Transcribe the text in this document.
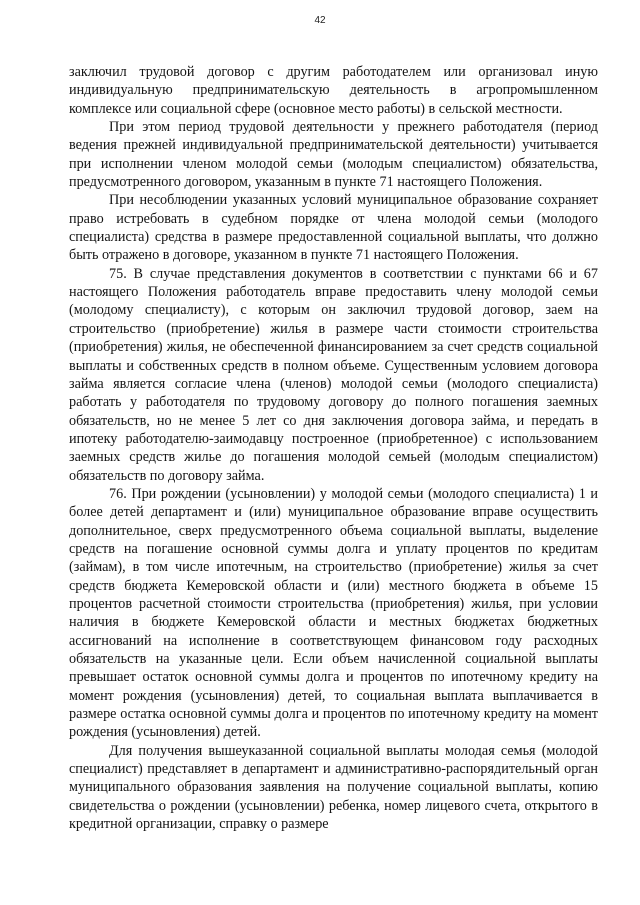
42

заключил трудовой договор с другим работодателем или организовал иную индивидуальную предпринимательскую деятельность в агропромышленном комплексе или социальной сфере (основное место работы) в сельской местности.

При этом период трудовой деятельности у прежнего работодателя (период ведения прежней индивидуальной предпринимательской деятельности) учитывается при исполнении членом молодой семьи (молодым специалистом) обязательства, предусмотренного договором, указанным в пункте 71 настоящего Положения.

При несоблюдении указанных условий муниципальное образование сохраняет право истребовать в судебном порядке от члена молодой семьи (молодого специалиста) средства в размере предоставленной социальной выплаты, что должно быть отражено в договоре, указанном в пункте 71 настоящего Положения.

75. В случае представления документов в соответствии с пунктами 66 и 67 настоящего Положения работодатель вправе предоставить члену молодой семьи (молодому специалисту), с которым он заключил трудовой договор, заем на строительство (приобретение) жилья в размере части стоимости строительства (приобретения) жилья, не обеспеченной финансированием за счет средств социальной выплаты и собственных средств в полном объеме. Существенным условием договора займа является согласие члена (членов) молодой семьи (молодого специалиста) работать у работодателя по трудовому договору до полного погашения заемных обязательств, но не менее 5 лет со дня заключения договора займа, и передать в ипотеку работодателю-заимодавцу построенное (приобретенное) с использованием заемных средств жилье до погашения молодой семьей (молодым специалистом) обязательств по договору займа.

76. При рождении (усыновлении) у молодой семьи (молодого специалиста) 1 и более детей департамент и (или) муниципальное образование вправе осуществить дополнительное, сверх предусмотренного объема социальной выплаты, выделение средств на погашение основной суммы долга и уплату процентов по кредитам (займам), в том числе ипотечным, на строительство (приобретение) жилья за счет средств бюджета Кемеровской области и (или) местного бюджета в объеме 15 процентов расчетной стоимости строительства (приобретения) жилья, при условии наличия в бюджете Кемеровской области и местных бюджетах бюджетных ассигнований на исполнение в соответствующем финансовом году расходных обязательств на указанные цели. Если объем начисленной социальной выплаты превышает остаток основной суммы долга и процентов по ипотечному кредиту на момент рождения (усыновления) детей, то социальная выплата выплачивается в размере остатка основной суммы долга и процентов по ипотечному кредиту на момент рождения (усыновления) детей.

Для получения вышеуказанной социальной выплаты молодая семья (молодой специалист) представляет в департамент и административно-распорядительный орган муниципального образования заявления на получение социальной выплаты, копию свидетельства о рождении (усыновлении) ребенка, номер лицевого счета, открытого в кредитной организации, справку о размере
